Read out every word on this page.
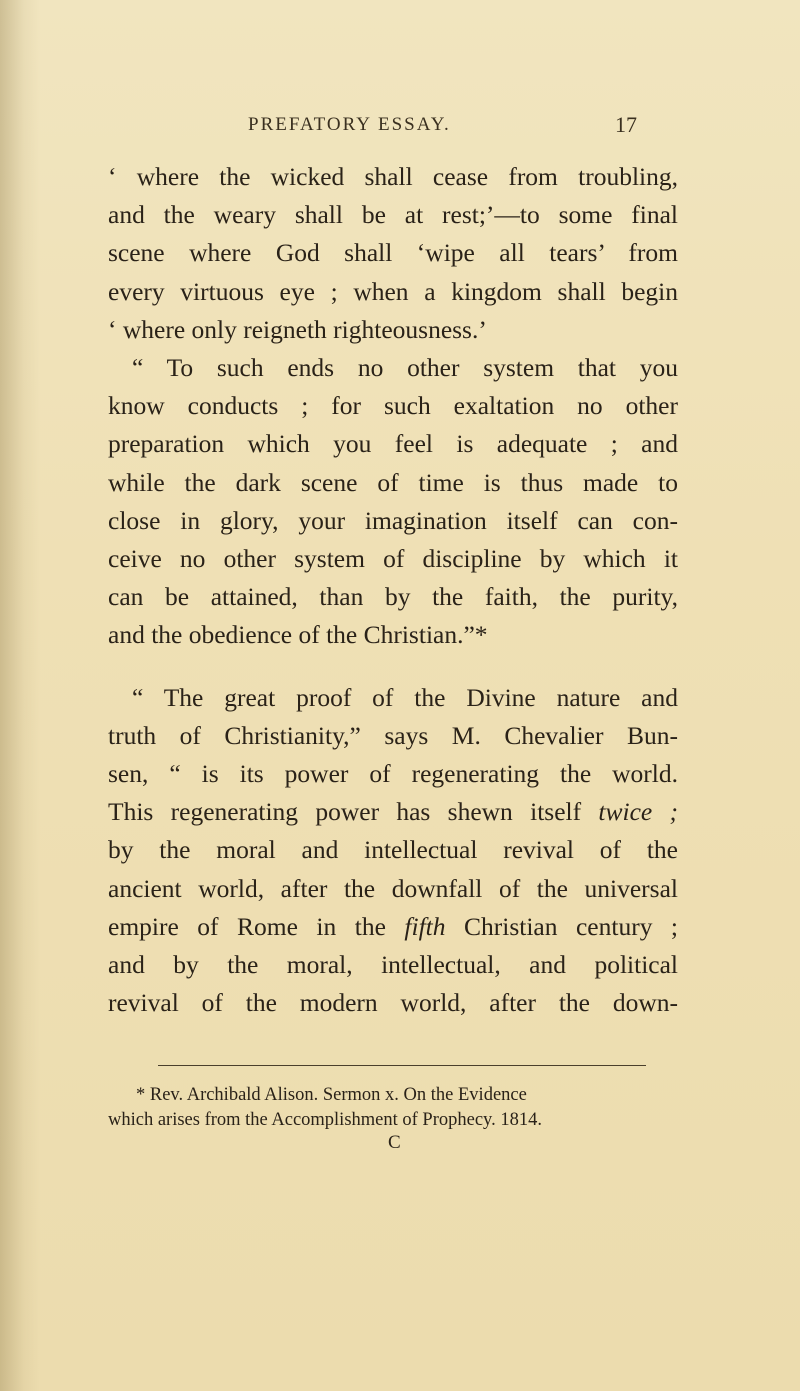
PREFATORY ESSAY.	17
‘ where the wicked shall cease from troubling,
and the weary shall be at rest;’—to some final
scene where God shall ‘wipe all tears’ from
every virtuous eye ; when a kingdom shall begin
‘ where only reigneth righteousness.’
“ To such ends no other system that you
know conducts ; for such exaltation no other
preparation which you feel is adequate ; and
while the dark scene of time is thus made to
close in glory, your imagination itself can con-
ceive no other system of discipline by which it
can be attained, than by the faith, the purity,
and the obedience of the Christian.”*
“ The great proof of the Divine nature and
truth of Christianity,” says M. Chevalier Bun-
sen, “ is its power of regenerating the world.
This regenerating power has shewn itself twice ;
by the moral and intellectual revival of the
ancient world, after the downfall of the universal
empire of Rome in the fifth Christian century ;
and by the moral, intellectual, and political
revival of the modern world, after the down-
* Rev. Archibald Alison. Sermon x. On the Evidence
which arises from the Accomplishment of Prophecy. 1814.
C
